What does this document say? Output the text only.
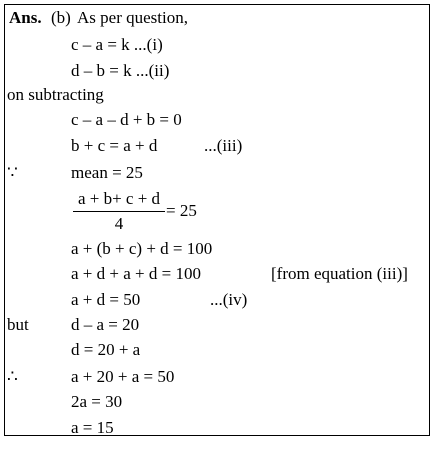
Ans. (b) As per question,
c – a = k ...(i)
d – b = k ...(ii)
on subtracting
c – a – d + b = 0
b + c = a + d	...(iii)
∵	mean = 25
a + b+ c + d
4
= 25
a + (b + c) + d = 100
a + d + a + d = 100	[from equation (iii)]
a + d = 50	...(iv)
but d – a = 20
d = 20 + a
∴	a + 20 + a = 50
2a = 30
a = 15
